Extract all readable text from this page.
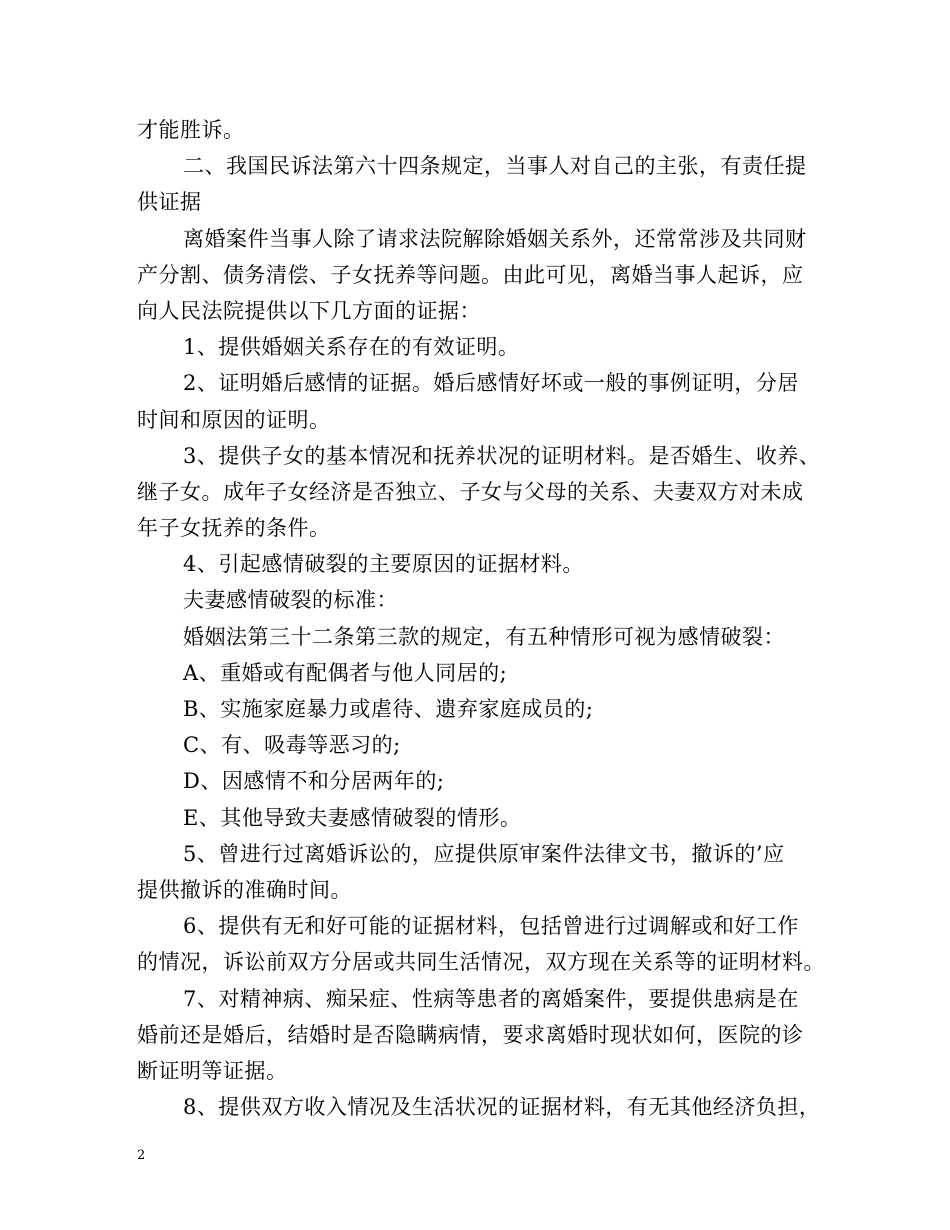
才能胜诉。
二、我国民诉法第六十四条规定，当事人对自己的主张，有责任提
供证据
离婚案件当事人除了请求法院解除婚姻关系外，还常常涉及共同财
产分割、债务清偿、子女抚养等问题。由此可见，离婚当事人起诉，应
向人民法院提供以下几方面的证据：
1、提供婚姻关系存在的有效证明。
2、证明婚后感情的证据。婚后感情好坏或一般的事例证明，分居
时间和原因的证明。
3、提供子女的基本情况和抚养状况的证明材料。是否婚生、收养、
继子女。成年子女经济是否独立、子女与父母的关系、夫妻双方对未成
年子女抚养的条件。
4、引起感情破裂的主要原因的证据材料。
夫妻感情破裂的标准：
婚姻法第三十二条第三款的规定，有五种情形可视为感情破裂：
A、重婚或有配偶者与他人同居的;
B、实施家庭暴力或虐待、遗弃家庭成员的;
C、有、吸毒等恶习的;
D、因感情不和分居两年的;
E、其他导致夫妻感情破裂的情形。
5、曾进行过离婚诉讼的，应提供原审案件法律文书，撤诉的’应
提供撤诉的准确时间。
6、提供有无和好可能的证据材料，包括曾进行过调解或和好工作
的情况，诉讼前双方分居或共同生活情况，双方现在关系等的证明材料。
7、对精神病、痴呆症、性病等患者的离婚案件，要提供患病是在
婚前还是婚后，结婚时是否隐瞒病情，要求离婚时现状如何，医院的诊
断证明等证据。
8、提供双方收入情况及生活状况的证据材料，有无其他经济负担，
2
